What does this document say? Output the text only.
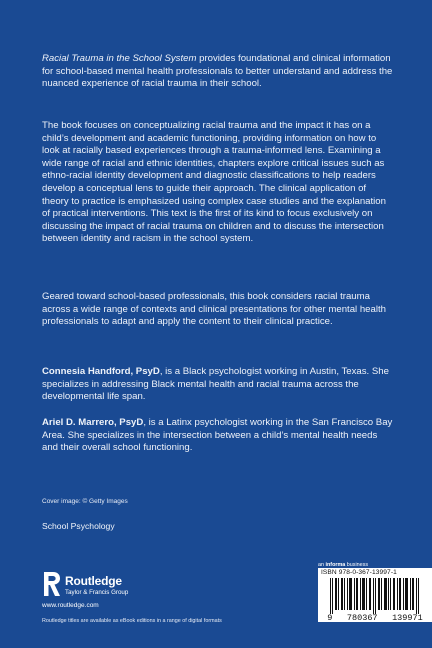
Racial Trauma in the School System provides foundational and clinical information for school-based mental health professionals to better understand and address the nuanced experience of racial trauma in their school.

The book focuses on conceptualizing racial trauma and the impact it has on a child’s development and academic functioning, providing information on how to look at racially based experiences through a trauma-informed lens. Examining a wide range of racial and ethnic identities, chapters explore critical issues such as ethno-racial identity development and diagnostic classifications to help readers develop a conceptual lens to guide their approach. The clinical application of theory to practice is emphasized using complex case studies and the explanation of practical interventions. This text is the first of its kind to focus exclusively on discussing the impact of racial trauma on children and to discuss the intersection between identity and racism in the school system.

Geared toward school-based professionals, this book considers racial trauma across a wide range of contexts and clinical presentations for other mental health professionals to adapt and apply the content to their clinical practice.

Connesia Handford, PsyD, is a Black psychologist working in Austin, Texas. She specializes in addressing Black mental health and racial trauma across the developmental life span.

Ariel D. Marrero, PsyD, is a Latinx psychologist working in the San Francisco Bay Area. She specializes in the intersection between a child’s mental health needs and their overall school functioning.

Cover image: © Getty Images
School Psychology
an informa business
Routledge
Taylor & Francis Group
www.routledge.com
Routledge titles are available as eBook editions in a range of digital formats
ISBN 978-0-367-13997-1
9 780367 139971
